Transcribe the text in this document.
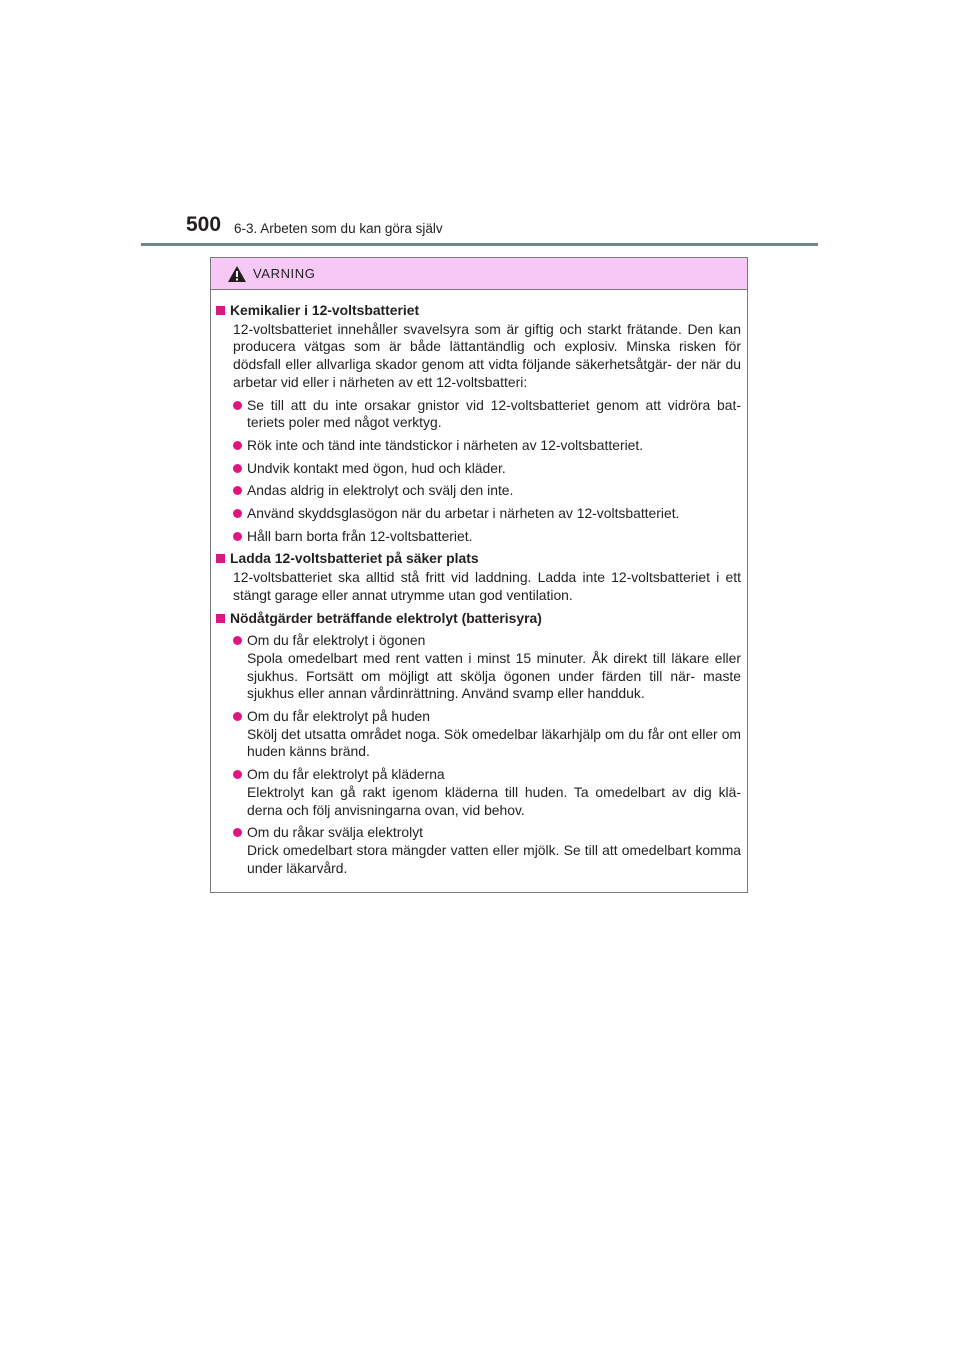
500 6-3. Arbeten som du kan göra själv
VARNING
Kemikalier i 12-voltsbatteriet
12-voltsbatteriet innehåller svavelsyra som är giftig och starkt frätande. Den kan producera vätgas som är både lättantändlig och explosiv. Minska risken för dödsfall eller allvarliga skador genom att vidta följande säkerhetsåtgär- der när du arbetar vid eller i närheten av ett 12-voltsbatteri:
Se till att du inte orsakar gnistor vid 12-voltsbatteriet genom att vidröra bat- teriets poler med något verktyg.
Rök inte och tänd inte tändstickor i närheten av 12-voltsbatteriet.
Undvik kontakt med ögon, hud och kläder.
Andas aldrig in elektrolyt och svälj den inte.
Använd skyddsglasögon när du arbetar i närheten av 12-voltsbatteriet.
Håll barn borta från 12-voltsbatteriet.
Ladda 12-voltsbatteriet på säker plats
12-voltsbatteriet ska alltid stå fritt vid laddning. Ladda inte 12-voltsbatteriet i ett stängt garage eller annat utrymme utan god ventilation.
Nödåtgärder beträffande elektrolyt (batterisyra)
Om du får elektrolyt i ögonen
Spola omedelbart med rent vatten i minst 15 minuter. Åk direkt till läkare eller sjukhus. Fortsätt om möjligt att skölja ögonen under färden till när- maste sjukhus eller annan vårdinrättning. Använd svamp eller handduk.
Om du får elektrolyt på huden
Skölj det utsatta området noga. Sök omedelbar läkarhjälp om du får ont eller om huden känns bränd.
Om du får elektrolyt på kläderna
Elektrolyt kan gå rakt igenom kläderna till huden. Ta omedelbart av dig klä- derna och följ anvisningarna ovan, vid behov.
Om du råkar svälja elektrolyt
Drick omedelbart stora mängder vatten eller mjölk. Se till att omedelbart komma under läkarvård.
